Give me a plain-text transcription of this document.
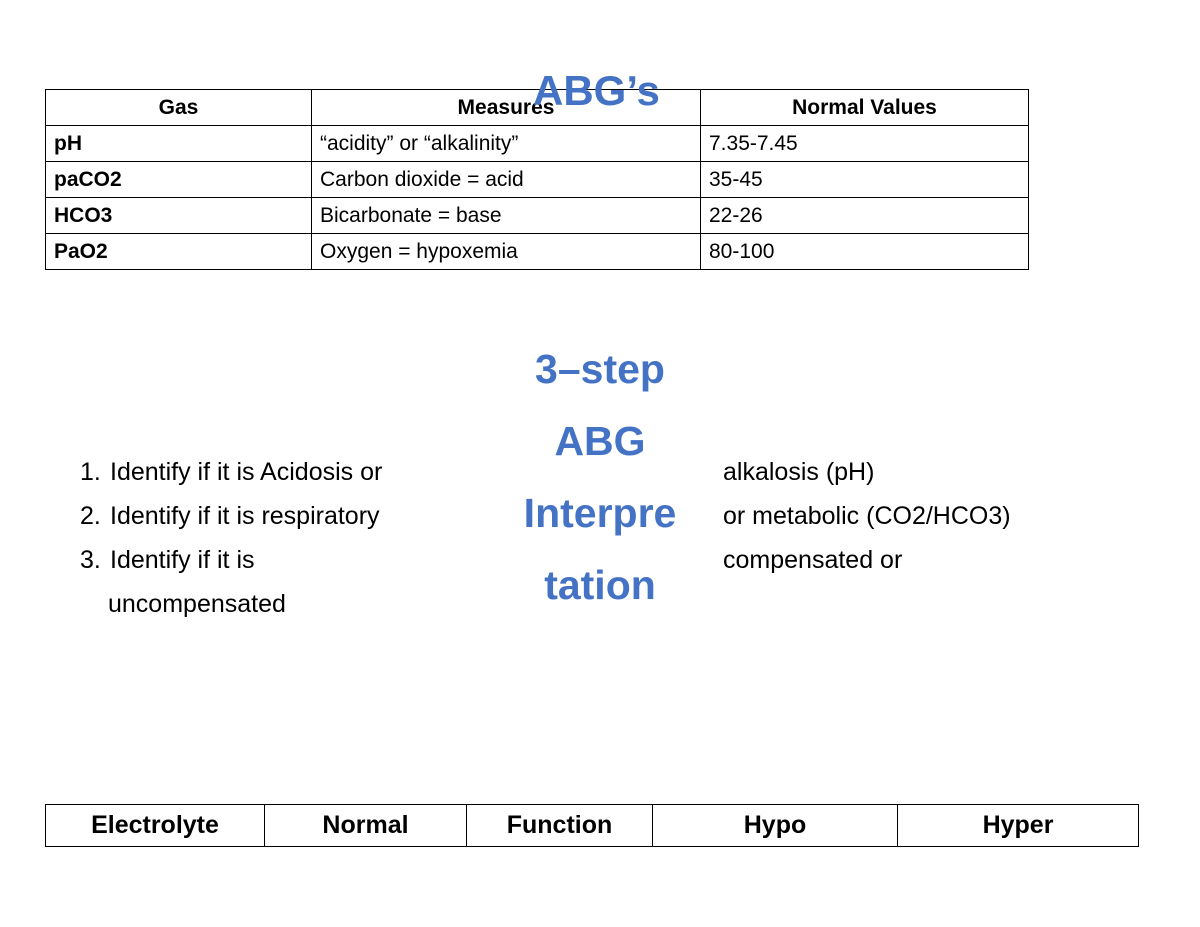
Gas	Measures	Normal Values
pH	“acidity” or “alkalinity”	7.35-7.45
paCO2	Carbon dioxide = acid	35-45
HCO3	Bicarbonate = base	22-26
PaO2	Oxygen = hypoxemia	80-100
ABG’s
3–step
ABG
Interpre
tation
1. Identify if it is Acidosis or
2. Identify if it is respiratory
3. Identify if it is
uncompensated
alkalosis (pH)
or metabolic (CO2/HCO3)
compensated or
Electrolyte	Normal	Function	Hypo	Hyper
